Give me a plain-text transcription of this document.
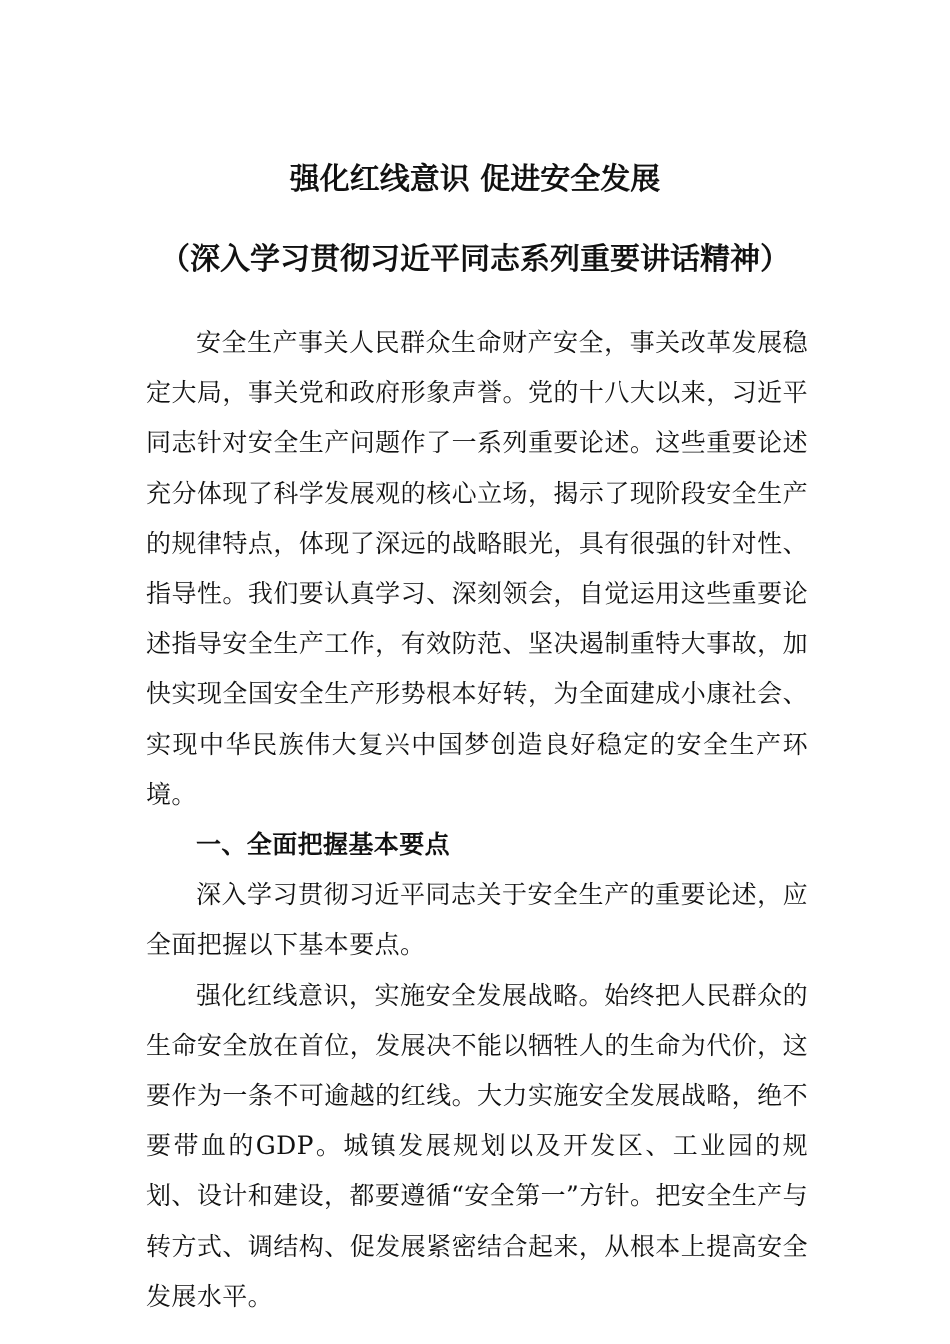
强化红线意识 促进安全发展
（深入学习贯彻习近平同志系列重要讲话精神）

安全生产事关人民群众生命财产安全，事关改革发展稳定大局，事关党和政府形象声誉。党的十八大以来，习近平同志针对安全生产问题作了一系列重要论述。这些重要论述充分体现了科学发展观的核心立场，揭示了现阶段安全生产的规律特点，体现了深远的战略眼光，具有很强的针对性、指导性。我们要认真学习、深刻领会，自觉运用这些重要论述指导安全生产工作，有效防范、坚决遏制重特大事故，加快实现全国安全生产形势根本好转，为全面建成小康社会、实现中华民族伟大复兴中国梦创造良好稳定的安全生产环境。

一、全面把握基本要点

深入学习贯彻习近平同志关于安全生产的重要论述，应全面把握以下基本要点。

强化红线意识，实施安全发展战略。始终把人民群众的生命安全放在首位，发展决不能以牺牲人的生命为代价，这要作为一条不可逾越的红线。大力实施安全发展战略，绝不要带血的GDP。城镇发展规划以及开发区、工业园的规划、设计和建设，都要遵循“安全第一”方针。把安全生产与转方式、调结构、促发展紧密结合起来，从根本上提高安全发展水平。
